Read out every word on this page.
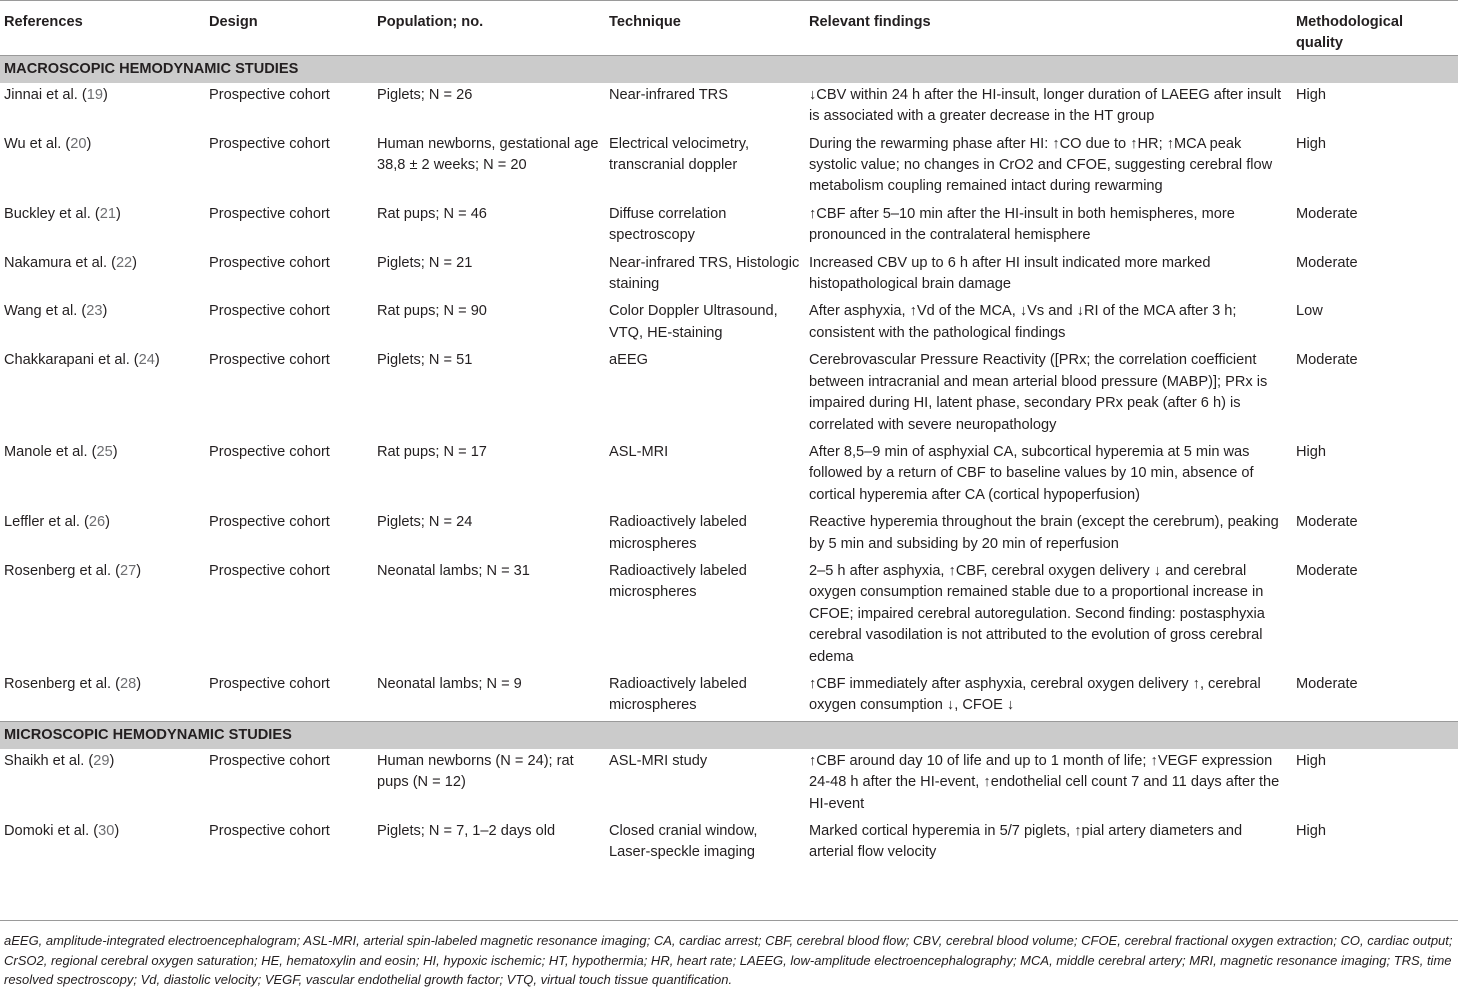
References	Design	Population; no.	Technique	Relevant findings	Methodological quality
MACROSCOPIC HEMODYNAMIC STUDIES					
Jinnai et al. (19)	Prospective cohort	Piglets; N = 26	Near-infrared TRS	↓CBV within 24 h after the HI-insult, longer duration of LAEEG after insult is associated with a greater decrease in the HT group	High
Wu et al. (20)	Prospective cohort	Human newborns, gestational age 38,8 ± 2 weeks; N = 20	Electrical velocimetry, transcranial doppler	During the rewarming phase after HI: ↑CO due to ↑HR; ↑MCA peak systolic value; no changes in CrO2 and CFOE, suggesting cerebral flow metabolism coupling remained intact during rewarming	High
Buckley et al. (21)	Prospective cohort	Rat pups; N = 46	Diffuse correlation spectroscopy	↑CBF after 5–10 min after the HI-insult in both hemispheres, more pronounced in the contralateral hemisphere	Moderate
Nakamura et al. (22)	Prospective cohort	Piglets; N = 21	Near-infrared TRS, Histologic staining	Increased CBV up to 6 h after HI insult indicated more marked histopathological brain damage	Moderate
Wang et al. (23)	Prospective cohort	Rat pups; N = 90	Color Doppler Ultrasound, VTQ, HE-staining	After asphyxia, ↑Vd of the MCA, ↓Vs and ↓RI of the MCA after 3 h; consistent with the pathological findings	Low
Chakkarapani et al. (24)	Prospective cohort	Piglets; N = 51	aEEG	Cerebrovascular Pressure Reactivity ([PRx; the correlation coefficient between intracranial and mean arterial blood pressure (MABP)]; PRx is impaired during HI, latent phase, secondary PRx peak (after 6 h) is correlated with severe neuropathology	Moderate
Manole et al. (25)	Prospective cohort	Rat pups; N = 17	ASL-MRI	After 8,5–9 min of asphyxial CA, subcortical hyperemia at 5 min was followed by a return of CBF to baseline values by 10 min, absence of cortical hyperemia after CA (cortical hypoperfusion)	High
Leffler et al. (26)	Prospective cohort	Piglets; N = 24	Radioactively labeled microspheres	Reactive hyperemia throughout the brain (except the cerebrum), peaking by 5 min and subsiding by 20 min of reperfusion	Moderate
Rosenberg et al. (27)	Prospective cohort	Neonatal lambs; N = 31	Radioactively labeled microspheres	2–5 h after asphyxia, ↑CBF, cerebral oxygen delivery ↓ and cerebral oxygen consumption remained stable due to a proportional increase in CFOE; impaired cerebral autoregulation. Second finding: postasphyxia cerebral vasodilation is not attributed to the evolution of gross cerebral edema	Moderate
Rosenberg et al. (28)	Prospective cohort	Neonatal lambs; N = 9	Radioactively labeled microspheres	↑CBF immediately after asphyxia, cerebral oxygen delivery ↑, cerebral oxygen consumption ↓, CFOE ↓	Moderate
MICROSCOPIC HEMODYNAMIC STUDIES					
Shaikh et al. (29)	Prospective cohort	Human newborns (N = 24); rat pups (N = 12)	ASL-MRI study	↑CBF around day 10 of life and up to 1 month of life; ↑VEGF expression 24-48 h after the HI-event, ↑endothelial cell count 7 and 11 days after the HI-event	High
Domoki et al. (30)	Prospective cohort	Piglets; N = 7, 1–2 days old	Closed cranial window, Laser-speckle imaging	Marked cortical hyperemia in 5/7 piglets, ↑pial artery diameters and arterial flow velocity	High
aEEG, amplitude-integrated electroencephalogram; ASL-MRI, arterial spin-labeled magnetic resonance imaging; CA, cardiac arrest; CBF, cerebral blood flow; CBV, cerebral blood volume; CFOE, cerebral fractional oxygen extraction; CO, cardiac output; CrSO2, regional cerebral oxygen saturation; HE, hematoxylin and eosin; HI, hypoxic ischemic; HT, hypothermia; HR, heart rate; LAEEG, low-amplitude electroencephalography; MCA, middle cerebral artery; MRI, magnetic resonance imaging; TRS, time resolved spectroscopy; Vd, diastolic velocity; VEGF, vascular endothelial growth factor; VTQ, virtual touch tissue quantification.
